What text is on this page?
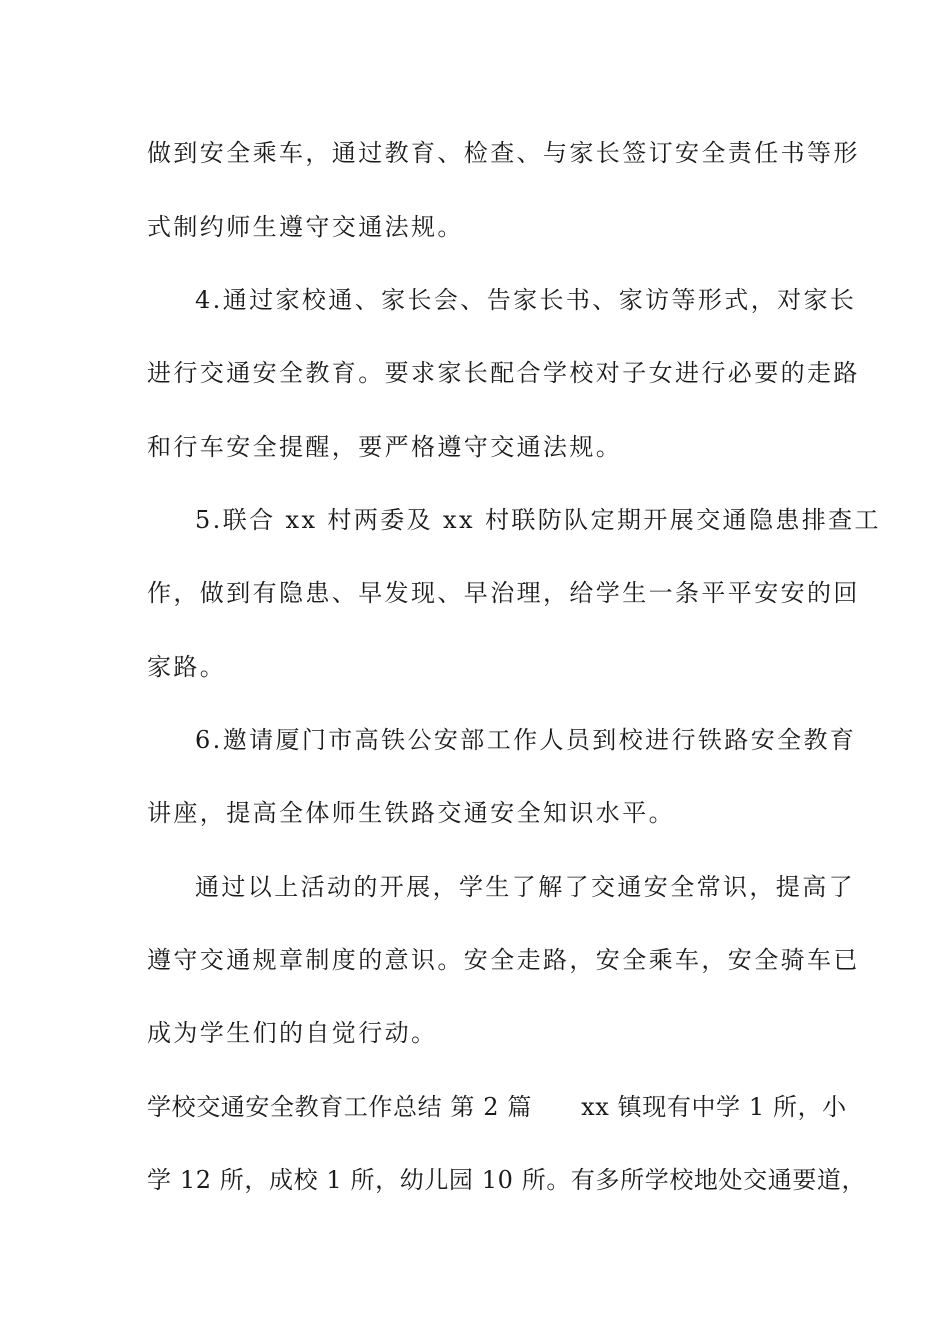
做到安全乘车，通过教育、检查、与家长签订安全责任书等形
式制约师生遵守交通法规。
4.通过家校通、家长会、告家长书、家访等形式，对家长
进行交通安全教育。要求家长配合学校对子女进行必要的走路
和行车安全提醒，要严格遵守交通法规。
5.联合 xx 村两委及 xx 村联防队定期开展交通隐患排查工
作，做到有隐患、早发现、早治理，给学生一条平平安安的回
家路。
6.邀请厦门市高铁公安部工作人员到校进行铁路安全教育
讲座，提高全体师生铁路交通安全知识水平。
通过以上活动的开展，学生了解了交通安全常识，提高了
遵守交通规章制度的意识。安全走路，安全乘车，安全骑车已
成为学生们的自觉行动。
学校交通安全教育工作总结 第 2 篇　　xx 镇现有中学 1 所，小
学 12 所，成校 1 所，幼儿园 10 所。有多所学校地处交通要道，
